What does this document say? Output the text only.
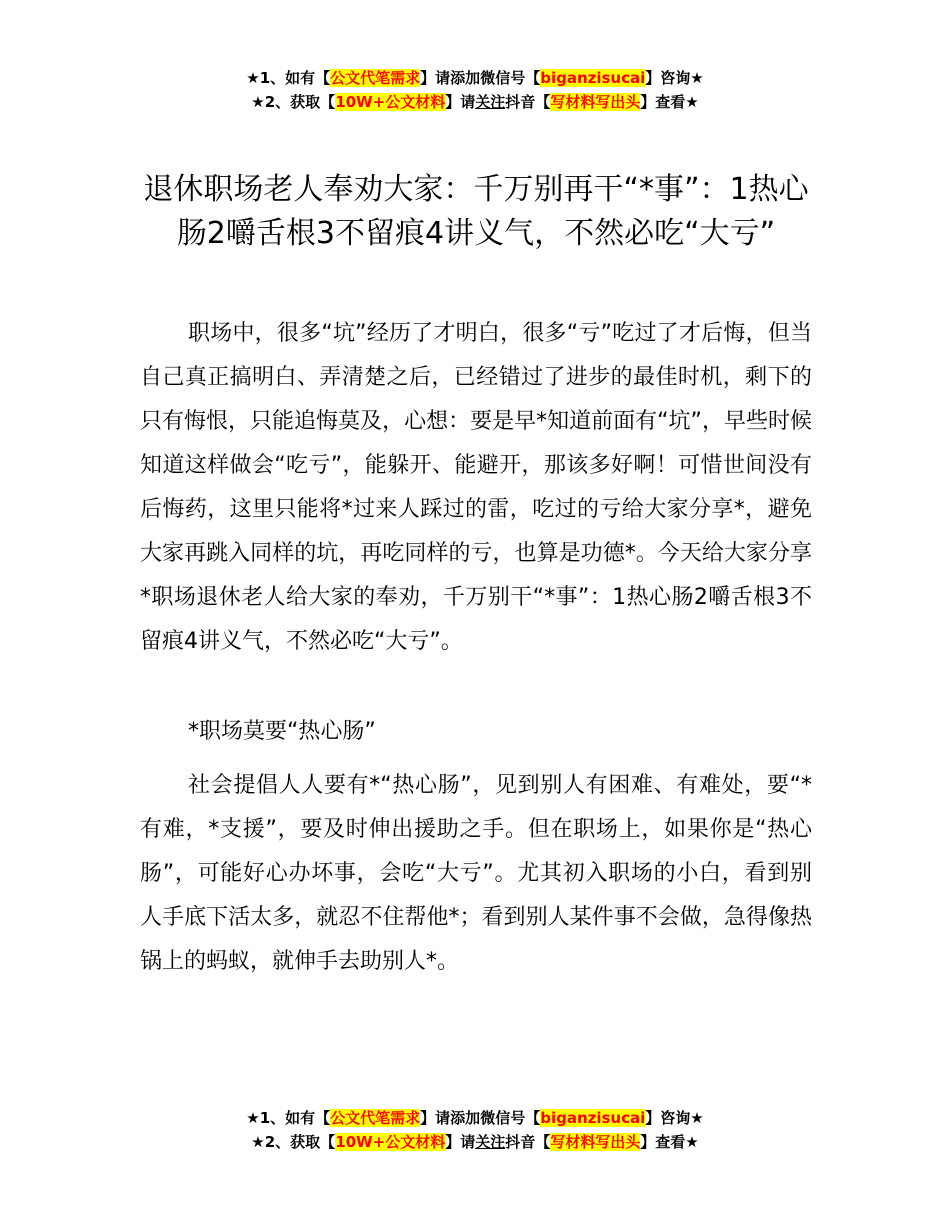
★1、如有【公文代笔需求】请添加微信号【biganzisucai】咨询★
★2、获取【10W+公文材料】请关注抖音【写材料写出头】查看★
退休职场老人奉劝大家：千万别再干“*事”：1热心肠2嚼舌根3不留痕4讲义气，不然必吃“大亏”

职场中，很多“坑”经历了才明白，很多“亏”吃过了才后悔，但当自己真正搞明白、弄清楚之后，已经错过了进步的最佳时机，剩下的只有悔恨，只能追悔莫及，心想：要是早*知道前面有“坑”，早些时候知道这样做会“吃亏”，能躲开、能避开，那该多好啊！可惜世间没有后悔药，这里只能将*过来人踩过的雷，吃过的亏给大家分享*，避免大家再跳入同样的坑，再吃同样的亏，也算是功德*。今天给大家分享*职场退休老人给大家的奉劝，千万别干“*事”：1热心肠2嚼舌根3不留痕4讲义气，不然必吃“大亏”。

*职场莫要“热心肠”

社会提倡人人要有*“热心肠”，见到别人有困难、有难处，要“*有难，*支援”，要及时伸出援助之手。但在职场上，如果你是“热心肠”，可能好心办坏事，会吃“大亏”。尤其初入职场的小白，看到别人手底下活太多，就忍不住帮他*；看到别人某件事不会做，急得像热锅上的蚂蚁，就伸手去助别人*。

★1、如有【公文代笔需求】请添加微信号【biganzisucai】咨询★
★2、获取【10W+公文材料】请关注抖音【写材料写出头】查看★
